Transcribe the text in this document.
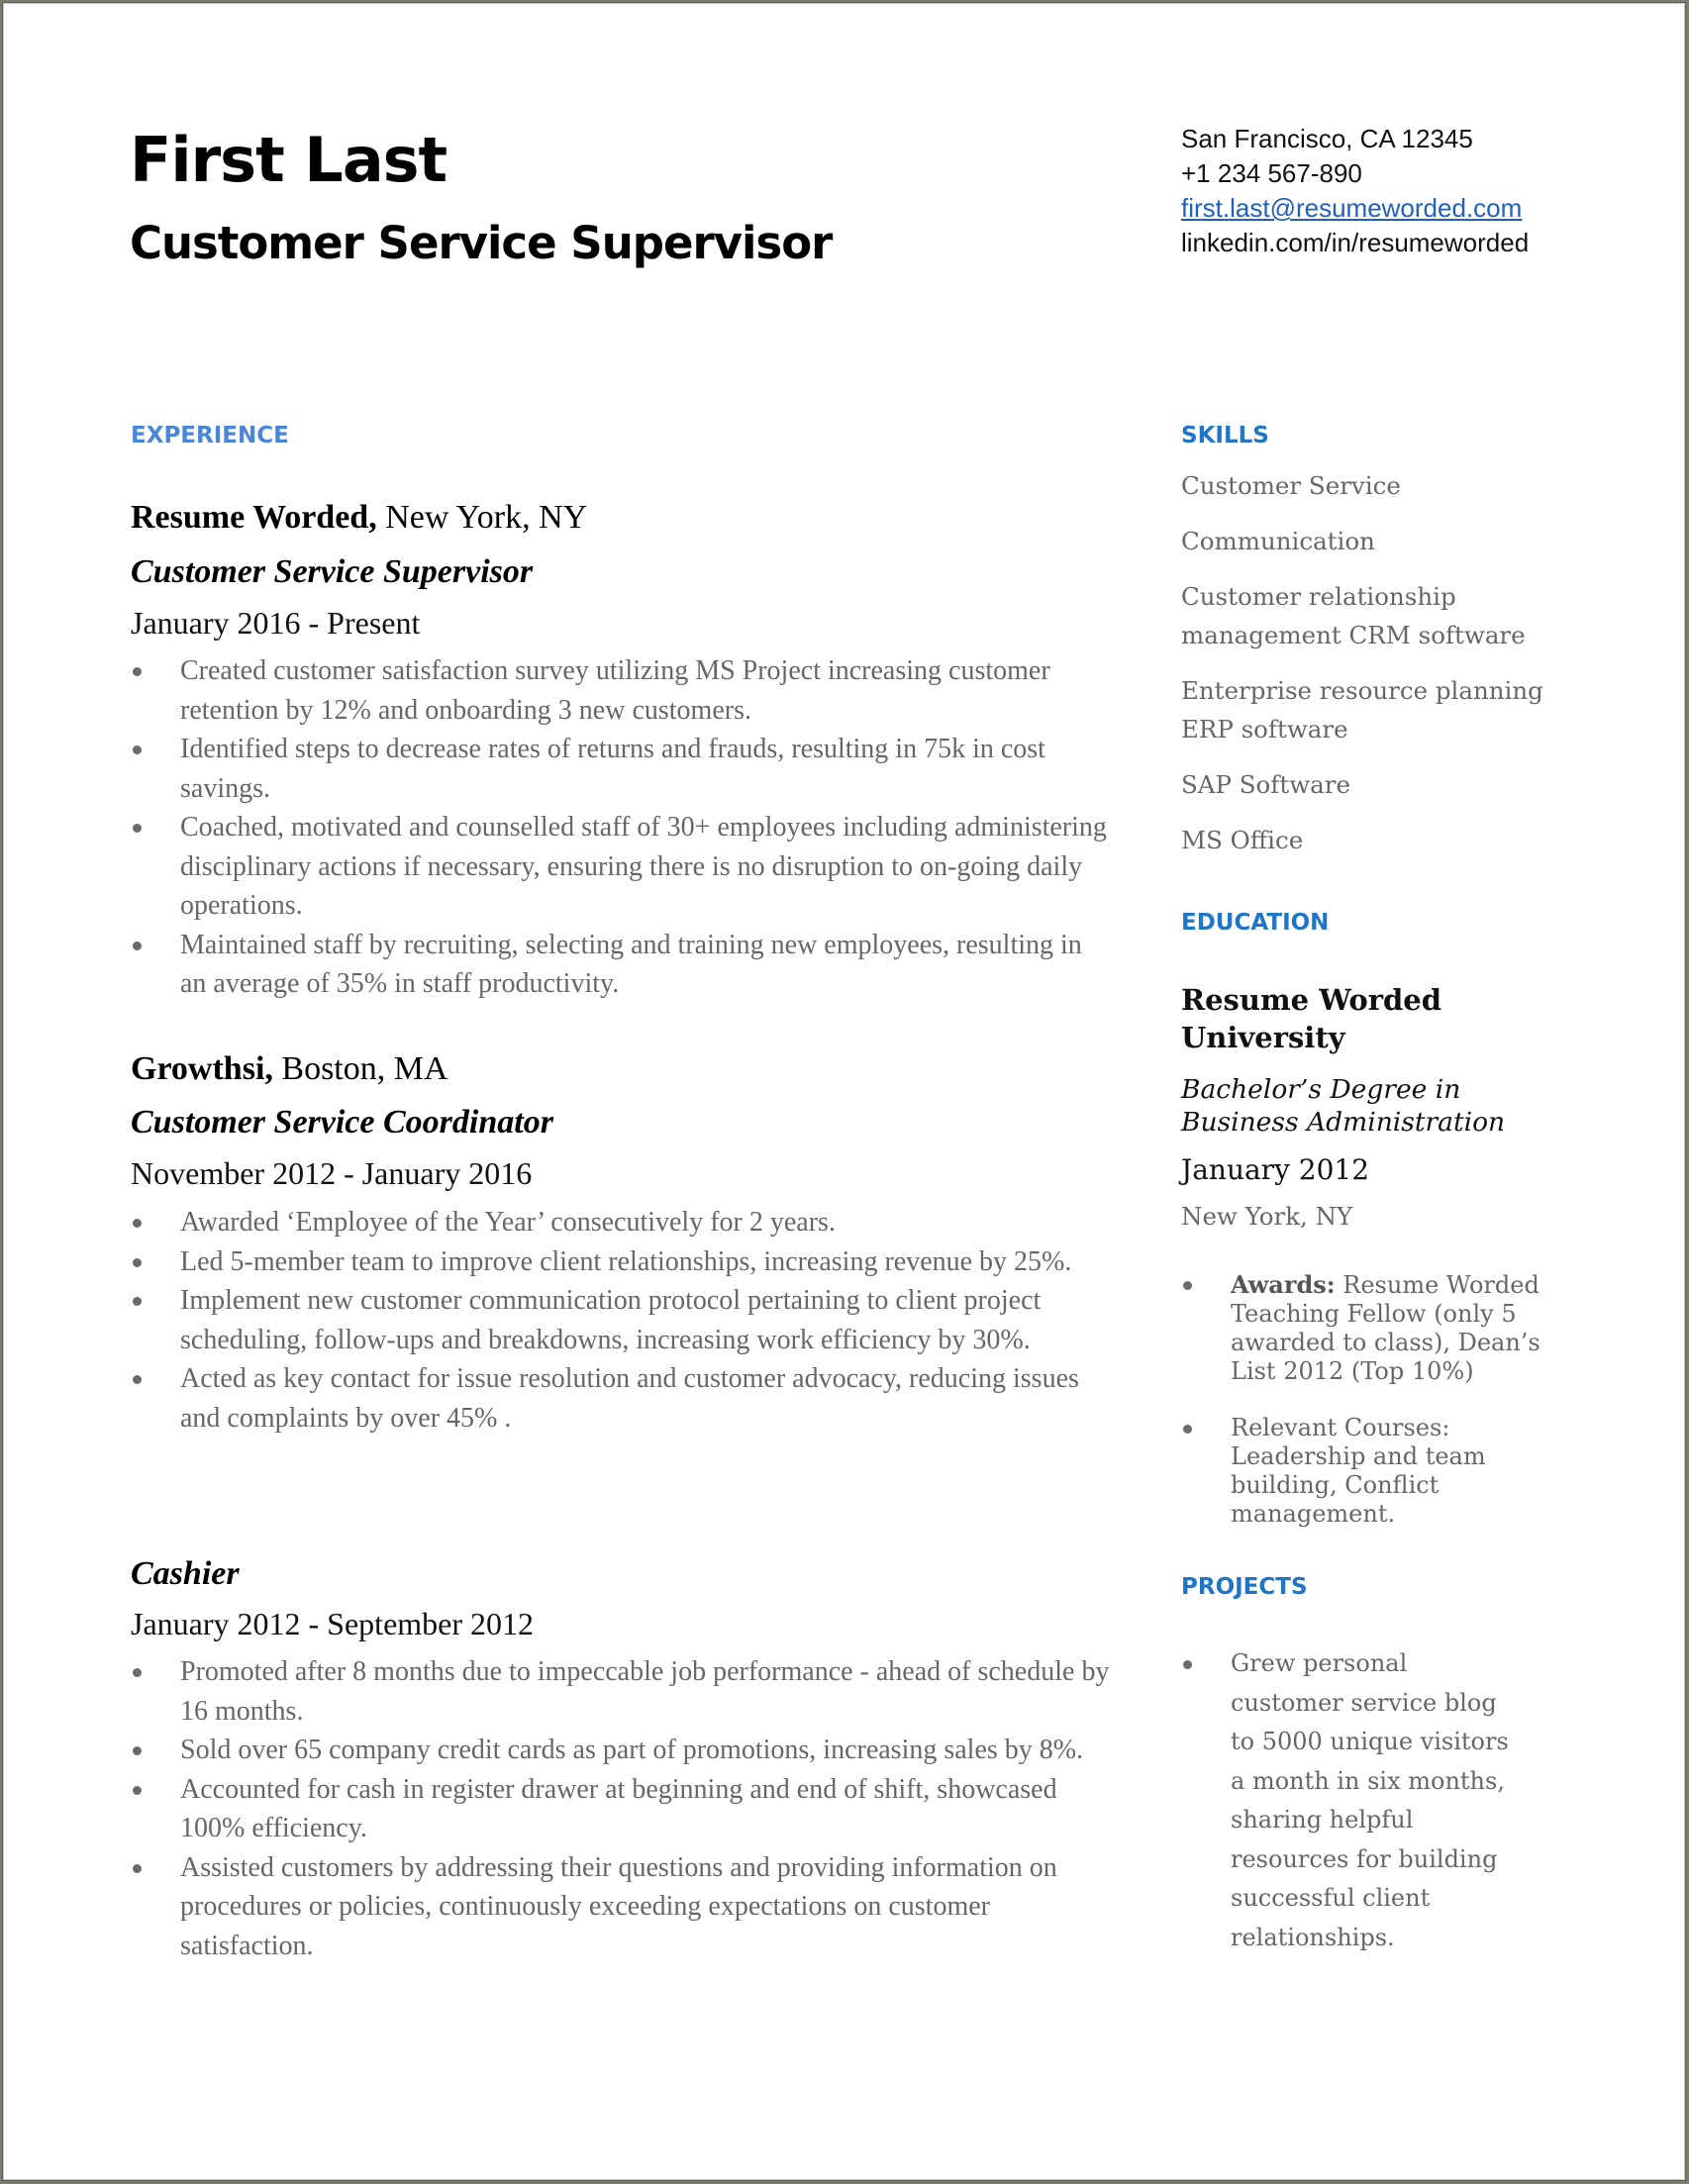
First Last
Customer Service Supervisor
San Francisco, CA 12345
+1 234 567-890
first.last@resumeworded.com
linkedin.com/in/resumeworded
EXPERIENCE
Resume Worded, New York, NY
Customer Service Supervisor
January 2016 - Present
Created customer satisfaction survey utilizing MS Project increasing customer retention by 12% and onboarding 3 new customers.
Identified steps to decrease rates of returns and frauds, resulting in 75k in cost savings.
Coached, motivated and counselled staff of 30+ employees including administering disciplinary actions if necessary, ensuring there is no disruption to on-going daily operations.
Maintained staff by recruiting, selecting and training new employees, resulting in an average of 35% in staff productivity.
Growthsi, Boston, MA
Customer Service Coordinator
November 2012 - January 2016
Awarded ‘Employee of the Year’ consecutively for 2 years.
Led 5-member team to improve client relationships, increasing revenue by 25%.
Implement new customer communication protocol pertaining to client project scheduling, follow-ups and breakdowns, increasing work efficiency by 30%.
Acted as key contact for issue resolution and customer advocacy, reducing issues and complaints by over 45% .
Cashier
January 2012 - September 2012
Promoted after 8 months due to impeccable job performance - ahead of schedule by 16 months.
Sold over 65 company credit cards as part of promotions, increasing sales by 8%.
Accounted for cash in register drawer at beginning and end of shift, showcased 100% efficiency.
Assisted customers by addressing their questions and providing information on procedures or policies, continuously exceeding expectations on customer satisfaction.
SKILLS
Customer Service
Communication
Customer relationship management CRM software
Enterprise resource planning ERP software
SAP Software
MS Office
EDUCATION
Resume Worded University
Bachelor’s Degree in Business Administration
January 2012
New York, NY
Awards: Resume Worded Teaching Fellow (only 5 awarded to class), Dean’s List 2012 (Top 10%)
Relevant Courses: Leadership and team building, Conflict management.
PROJECTS
Grew personal customer service blog to 5000 unique visitors a month in six months, sharing helpful resources for building successful client relationships.
